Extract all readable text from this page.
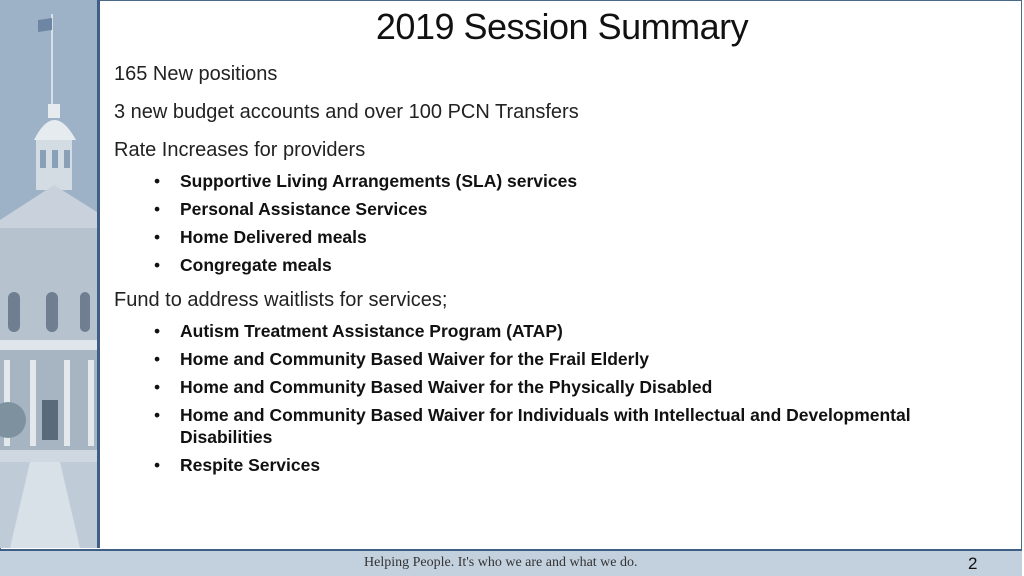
2019 Session Summary

165 New positions

3 new budget accounts and over 100 PCN Transfers

Rate Increases for providers

• Supportive Living Arrangements (SLA) services
• Personal Assistance Services
• Home Delivered meals
• Congregate meals

Fund to address waitlists for services;

• Autism Treatment Assistance Program (ATAP)
• Home and Community Based Waiver for the Frail Elderly
• Home and Community Based Waiver for the Physically Disabled
• Home and Community Based Waiver for Individuals with Intellectual and Developmental Disabilities
• Respite Services
Helping People. It's who we are and what we do.	2
